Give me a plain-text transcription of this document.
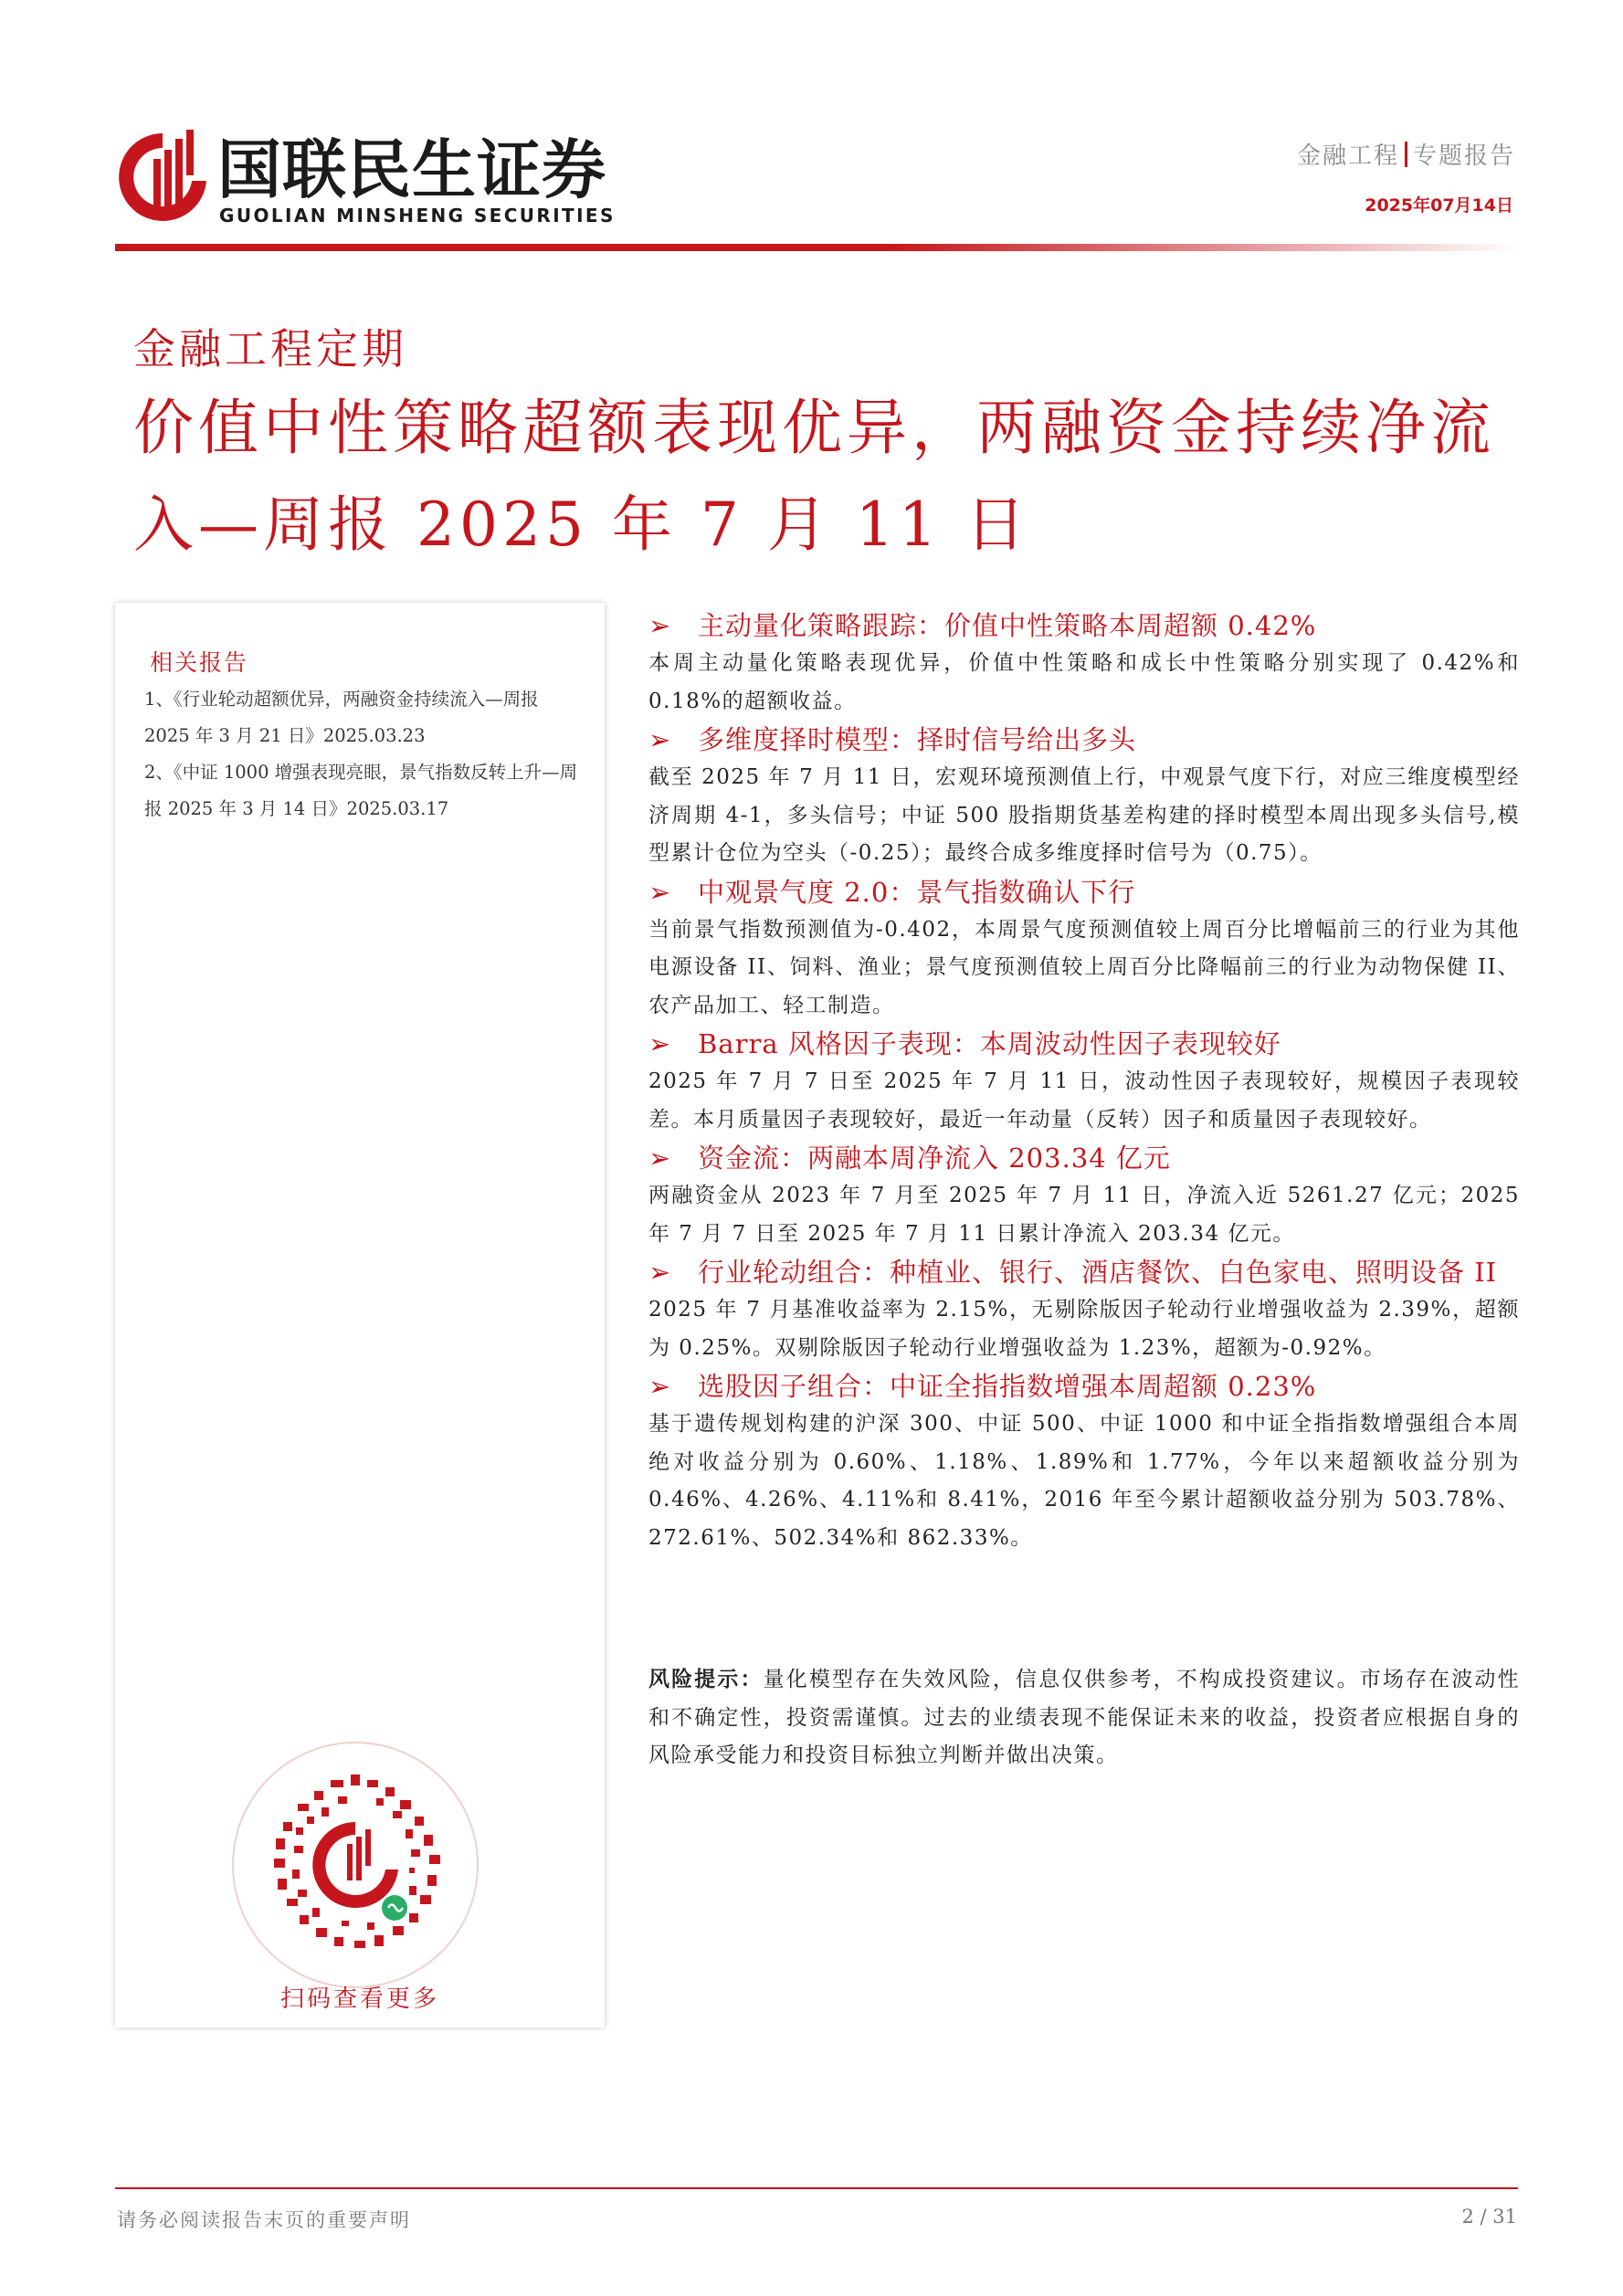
国联民生证券
GUOLIAN MINSHENG SECURITIES
金融工程 专题报告
2025年07月14日
金融工程定期
价值中性策略超额表现优异，两融资金持续净流入—周报 2025 年 7 月 11 日
相关报告
1、《行业轮动超额优异，两融资金持续流入—周报 2025 年 3 月 21 日》2025.03.23
2、《中证 1000 增强表现亮眼，景气指数反转上升—周报 2025 年 3 月 14 日》2025.03.17
扫码查看更多
➢ 主动量化策略跟踪：价值中性策略本周超额 0.42%

本周主动量化策略表现优异，价值中性策略和成长中性策略分别实现了 0.42%和 0.18%的超额收益。

➢ 多维度择时模型：择时信号给出多头

截至 2025 年 7 月 11 日，宏观环境预测值上行，中观景气度下行，对应三维度模型经济周期 4-1，多头信号；中证 500 股指期货基差构建的择时模型本周出现多头信号,模型累计仓位为空头（-0.25）；最终合成多维度择时信号为（0.75）。

➢ 中观景气度 2.0：景气指数确认下行

当前景气指数预测值为-0.402，本周景气度预测值较上周百分比增幅前三的行业为其他电源设备 II、饲料、渔业；景气度预测值较上周百分比降幅前三的行业为动物保健 II、农产品加工、轻工制造。

➢ Barra 风格因子表现：本周波动性因子表现较好

2025 年 7 月 7 日至 2025 年 7 月 11 日，波动性因子表现较好，规模因子表现较差。本月质量因子表现较好，最近一年动量（反转）因子和质量因子表现较好。

➢ 资金流：两融本周净流入 203.34 亿元

两融资金从 2023 年 7 月至 2025 年 7 月 11 日，净流入近 5261.27 亿元；2025 年 7 月 7 日至 2025 年 7 月 11 日累计净流入 203.34 亿元。

➢ 行业轮动组合：种植业、银行、酒店餐饮、白色家电、照明设备 II

2025 年 7 月基准收益率为 2.15%，无剔除版因子轮动行业增强收益为 2.39%，超额为 0.25%。双剔除版因子轮动行业增强收益为 1.23%，超额为-0.92%。

➢ 选股因子组合：中证全指指数增强本周超额 0.23%

基于遗传规划构建的沪深 300、中证 500、中证 1000 和中证全指指数增强组合本周绝对收益分别为 0.60%、1.18%、1.89%和 1.77%，今年以来超额收益分别为 0.46%、4.26%、4.11%和 8.41%，2016 年至今累计超额收益分别为 503.78%、272.61%、502.34%和 862.33%。

风险提示：量化模型存在失效风险，信息仅供参考，不构成投资建议。市场存在波动性和不确定性，投资需谨慎。过去的业绩表现不能保证未来的收益，投资者应根据自身的风险承受能力和投资目标独立判断并做出决策。
请务必阅读报告末页的重要声明	2 / 31
